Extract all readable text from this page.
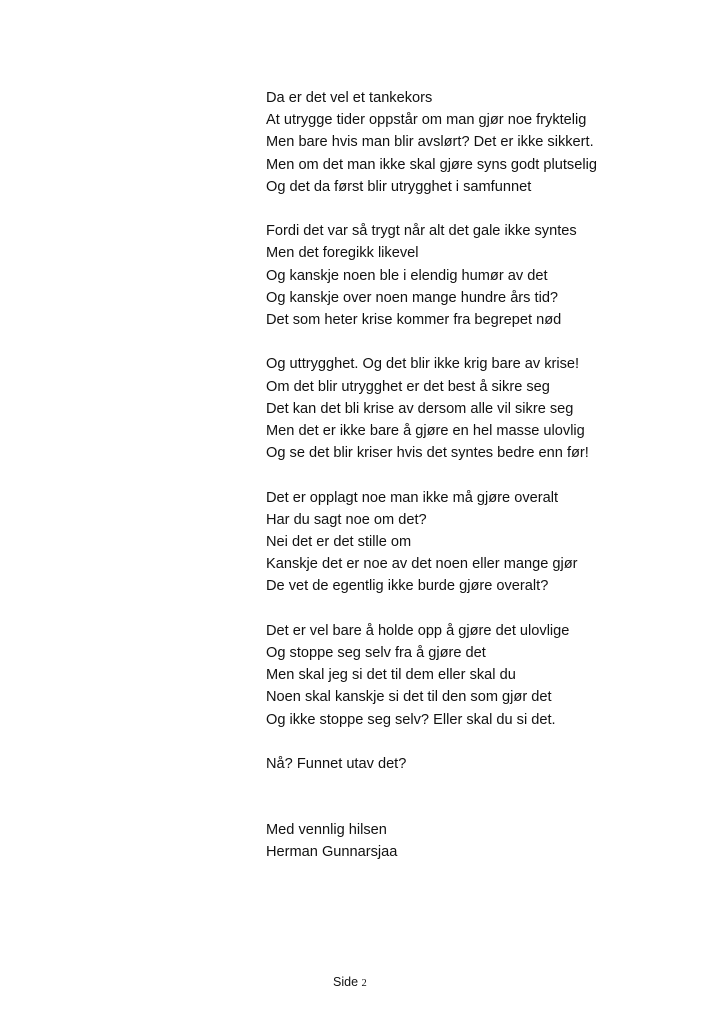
Da er det vel et tankekors
At utrygge tider oppstår om man gjør noe fryktelig
Men bare hvis man blir avslørt? Det er ikke sikkert.
Men om det man ikke skal gjøre syns godt plutselig
Og det da først blir utrygghet i samfunnet
Fordi det var så trygt når alt det gale ikke syntes
Men det foregikk likevel
Og kanskje noen ble i elendig humør av det
Og kanskje over noen mange hundre års tid?
Det som heter krise kommer fra begrepet nød
Og uttrygghet. Og det blir ikke krig bare av krise!
Om det blir utrygghet er det best å sikre seg
Det kan det bli krise av dersom alle vil sikre seg
Men det er ikke bare å gjøre en hel masse ulovlig
Og se det blir kriser hvis det syntes bedre enn før!
Det er opplagt noe man ikke må gjøre overalt
Har du sagt noe om det?
Nei det er det stille om
Kanskje det er noe av det noen eller mange gjør
De vet de egentlig ikke burde gjøre overalt?
Det er vel bare å holde opp å gjøre det ulovlige
Og stoppe seg selv fra å gjøre det
Men skal jeg si det til dem eller skal du
Noen skal kanskje si det til den som gjør det
Og ikke stoppe seg selv? Eller skal du si det.
Nå? Funnet utav det?
Med vennlig hilsen
Herman Gunnarsjaa
Side 2
